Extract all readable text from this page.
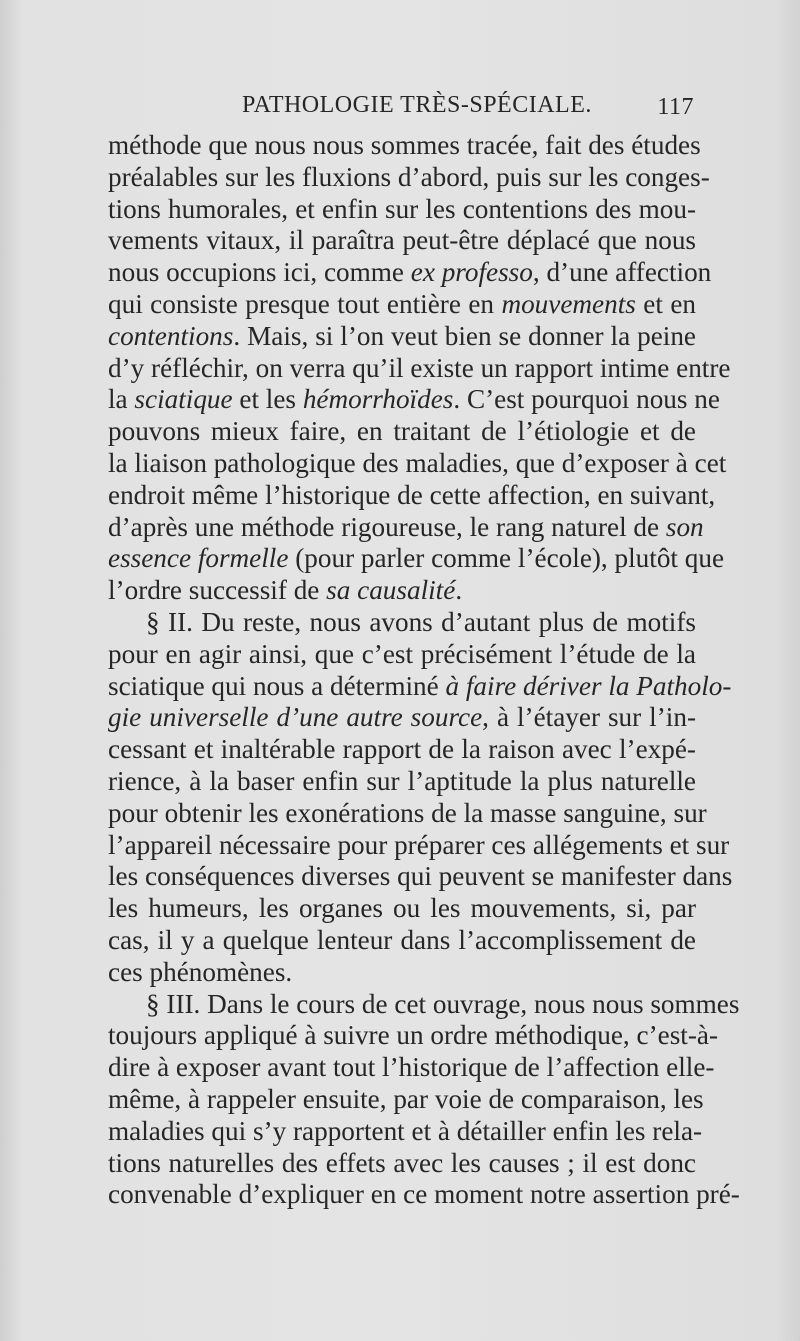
PATHOLOGIE TRÈS-SPÉCIALE.	117
méthode que nous nous sommes tracée, fait des études
préalables sur les fluxions d’abord, puis sur les conges-
tions humorales, et enfin sur les contentions des mou-
vements vitaux, il paraîtra peut-être déplacé que nous
nous occupions ici, comme ex professo, d’une affection
qui consiste presque tout entière en mouvements et en
contentions. Mais, si l’on veut bien se donner la peine
d’y réfléchir, on verra qu’il existe un rapport intime entre
la sciatique et les hémorrhoïdes. C’est pourquoi nous ne
pouvons mieux faire, en traitant de l’étiologie et de
la liaison pathologique des maladies, que d’exposer à cet
endroit même l’historique de cette affection, en suivant,
d’après une méthode rigoureuse, le rang naturel de son
essence formelle (pour parler comme l’école), plutôt que
l’ordre successif de sa causalité.
§ II. Du reste, nous avons d’autant plus de motifs
pour en agir ainsi, que c’est précisément l’étude de la
sciatique qui nous a déterminé à faire dériver la Patholo-
gie universelle d’une autre source, à l’étayer sur l’in-
cessant et inaltérable rapport de la raison avec l’expé-
rience, à la baser enfin sur l’aptitude la plus naturelle
pour obtenir les exonérations de la masse sanguine, sur
l’appareil nécessaire pour préparer ces allégements et sur
les conséquences diverses qui peuvent se manifester dans
les humeurs, les organes ou les mouvements, si, par
cas, il y a quelque lenteur dans l’accomplissement de
ces phénomènes.
§ III. Dans le cours de cet ouvrage, nous nous sommes
toujours appliqué à suivre un ordre méthodique, c’est-à-
dire à exposer avant tout l’historique de l’affection elle-
même, à rappeler ensuite, par voie de comparaison, les
maladies qui s’y rapportent et à détailler enfin les rela-
tions naturelles des effets avec les causes ; il est donc
convenable d’expliquer en ce moment notre assertion pré-
